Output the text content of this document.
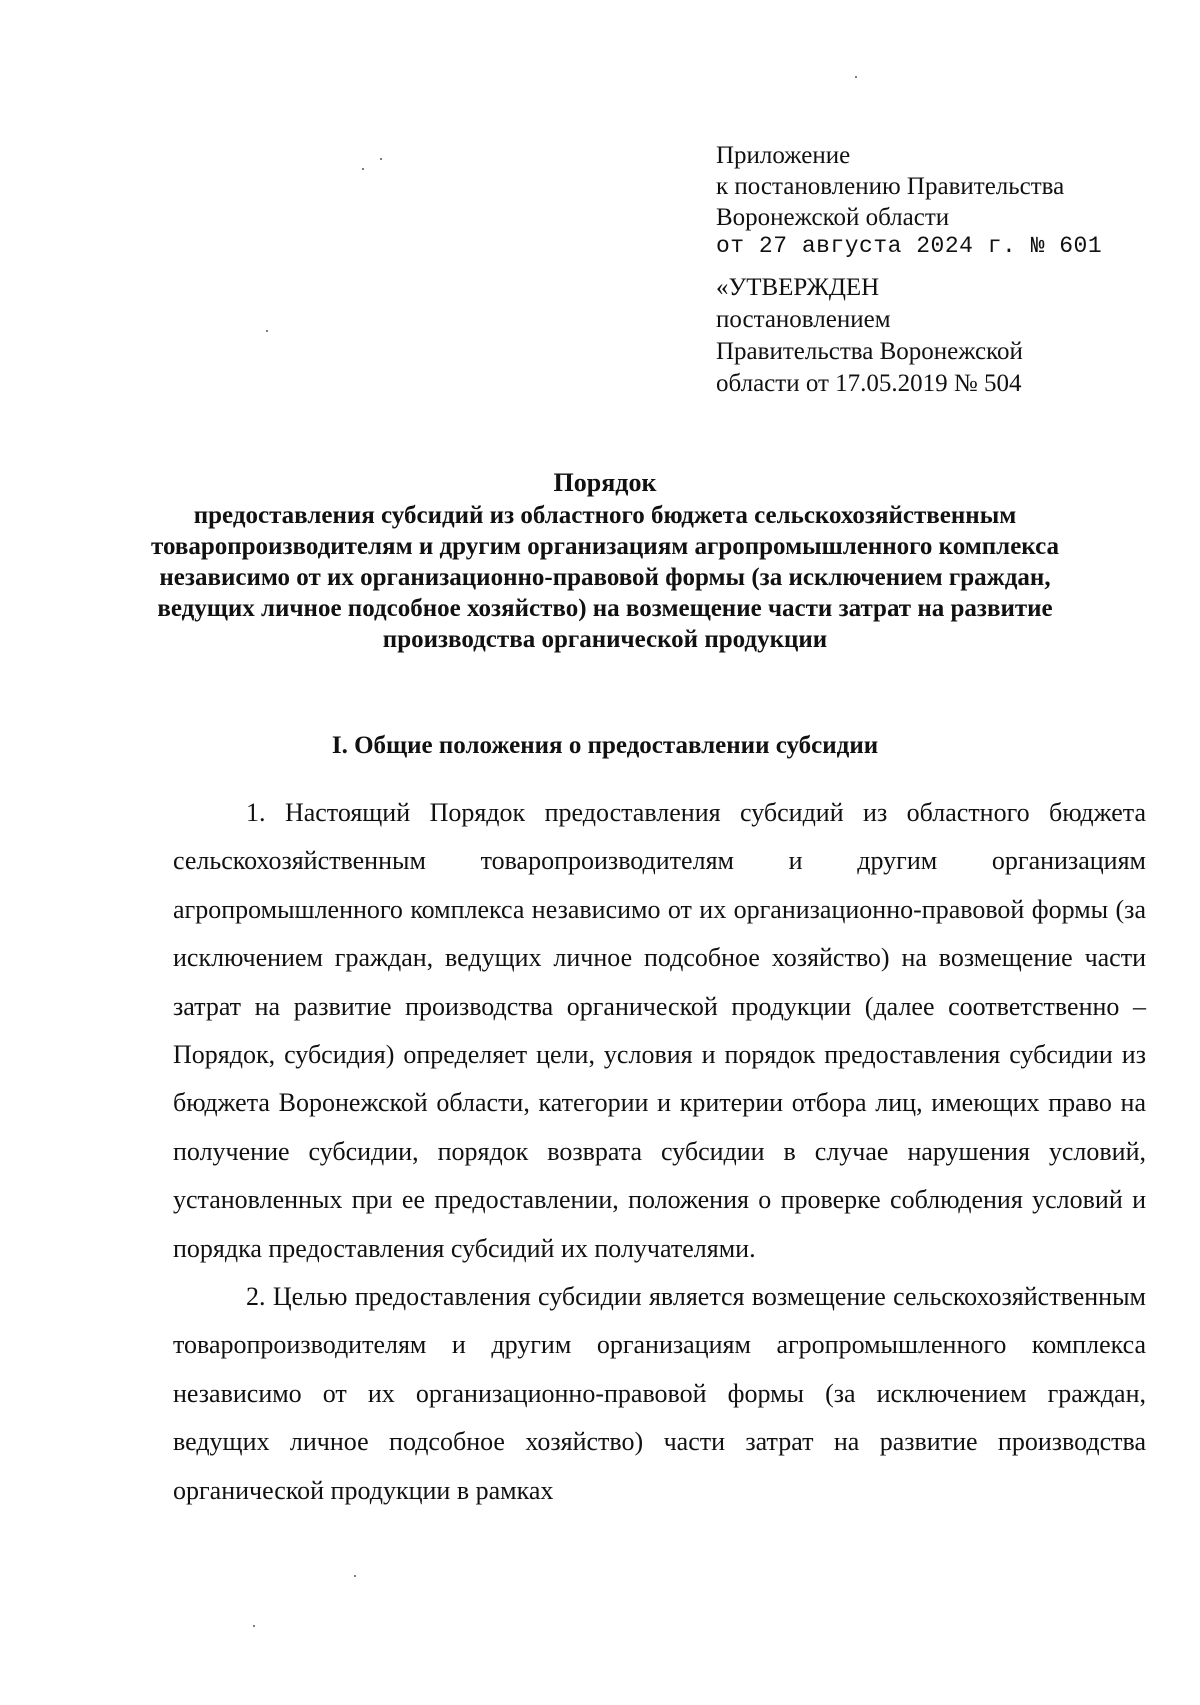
Приложение
к постановлению Правительства
Воронежской области
от 27 августа 2024 г. № 601
«УТВЕРЖДЕН
постановлением
Правительства Воронежской
области от 17.05.2019 № 504
Порядок
предоставления субсидий из областного бюджета сельскохозяйственным товаропроизводителям и другим организациям агропромышленного комплекса независимо от их организационно-правовой формы (за исключением граждан, ведущих личное подсобное хозяйство) на возмещение части затрат на развитие производства органической продукции
I. Общие положения о предоставлении субсидии

1. Настоящий Порядок предоставления субсидий из областного бюджета сельскохозяйственным товаропроизводителям и другим организациям агропромышленного комплекса независимо от их организационно-правовой формы (за исключением граждан, ведущих личное подсобное хозяйство) на возмещение части затрат на развитие производства органической продукции (далее соответственно – Порядок, субсидия) определяет цели, условия и порядок предоставления субсидии из бюджета Воронежской области, категории и критерии отбора лиц, имеющих право на получение субсидии, порядок возврата субсидии в случае нарушения условий, установленных при ее предоставлении, положения о проверке соблюдения условий и порядка предоставления субсидий их получателями.

2. Целью предоставления субсидии является возмещение сельскохозяйственным товаропроизводителям и другим организациям агропромышленного комплекса независимо от их организационно-правовой формы (за исключением граждан, ведущих личное подсобное хозяйство) части затрат на развитие производства органической продукции в рамках
